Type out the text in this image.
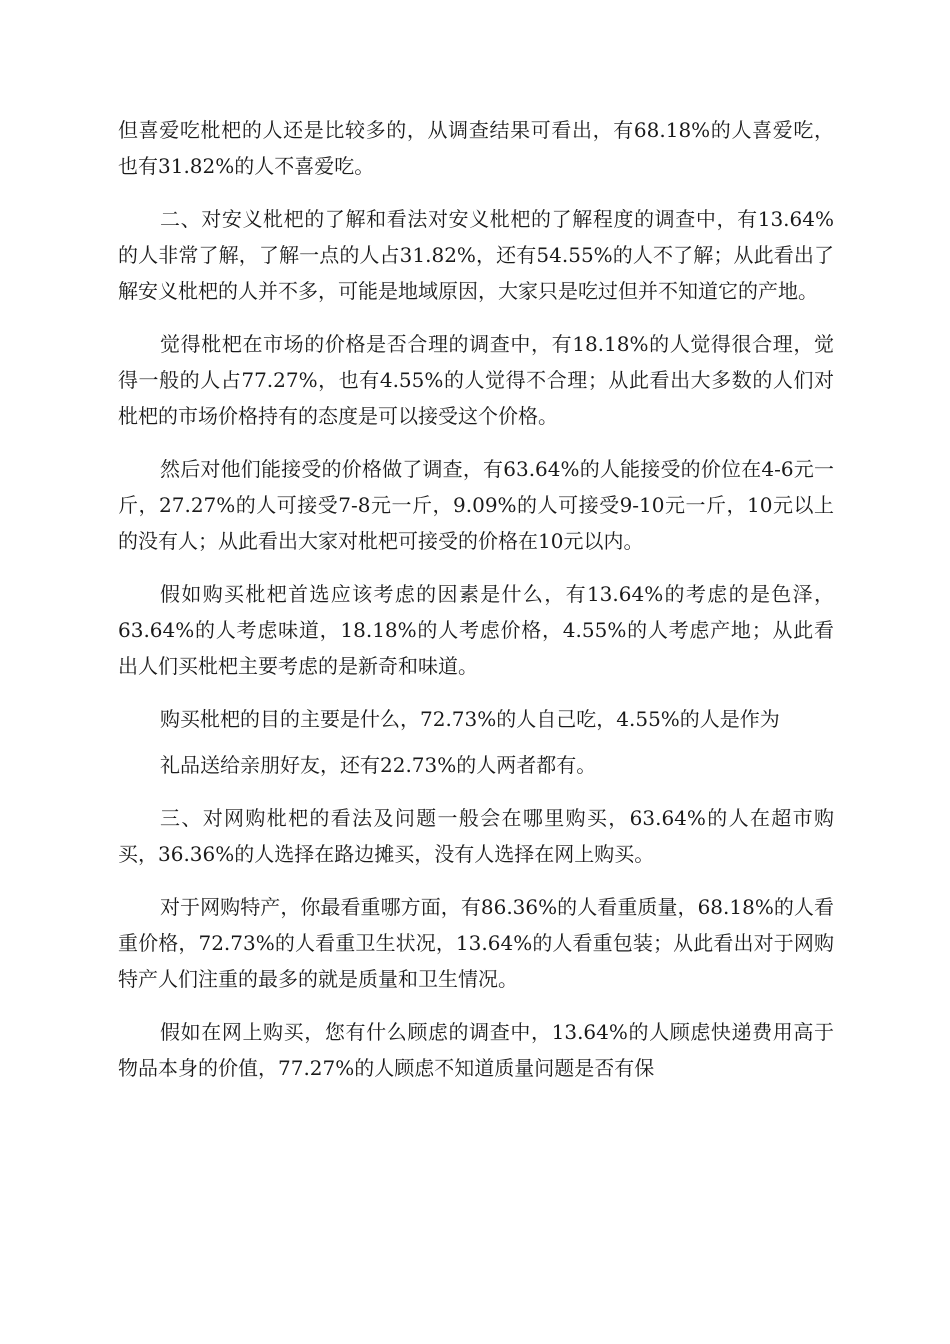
但喜爱吃枇杷的人还是比较多的，从调查结果可看出，有68.18%的人喜爱吃，也有31.82%的人不喜爱吃。

二、对安义枇杷的了解和看法对安义枇杷的了解程度的调查中，有13.64%的人非常了解，了解一点的人占31.82%，还有54.55%的人不了解；从此看出了解安义枇杷的人并不多，可能是地域原因，大家只是吃过但并不知道它的产地。

觉得枇杷在市场的价格是否合理的调查中，有18.18%的人觉得很合理，觉得一般的人占77.27%，也有4.55%的人觉得不合理；从此看出大多数的人们对枇杷的市场价格持有的态度是可以接受这个价格。

然后对他们能接受的价格做了调查，有63.64%的人能接受的价位在4-6元一斤，27.27%的人可接受7-8元一斤，9.09%的人可接受9-10元一斤，10元以上的没有人；从此看出大家对枇杷可接受的价格在10元以内。

假如购买枇杷首选应该考虑的因素是什么，有13.64%的考虑的是色泽，63.64%的人考虑味道，18.18%的人考虑价格，4.55%的人考虑产地；从此看出人们买枇杷主要考虑的是新奇和味道。

购买枇杷的目的主要是什么，72.73%的人自己吃，4.55%的人是作为

礼品送给亲朋好友，还有22.73%的人两者都有。

三、对网购枇杷的看法及问题一般会在哪里购买，63.64%的人在超市购买，36.36%的人选择在路边摊买，没有人选择在网上购买。

对于网购特产，你最看重哪方面，有86.36%的人看重质量，68.18%的人看重价格，72.73%的人看重卫生状况，13.64%的人看重包装；从此看出对于网购特产人们注重的最多的就是质量和卫生情况。

假如在网上购买，您有什么顾虑的调查中，13.64%的人顾虑快递费用高于物品本身的价值，77.27%的人顾虑不知道质量问题是否有保
